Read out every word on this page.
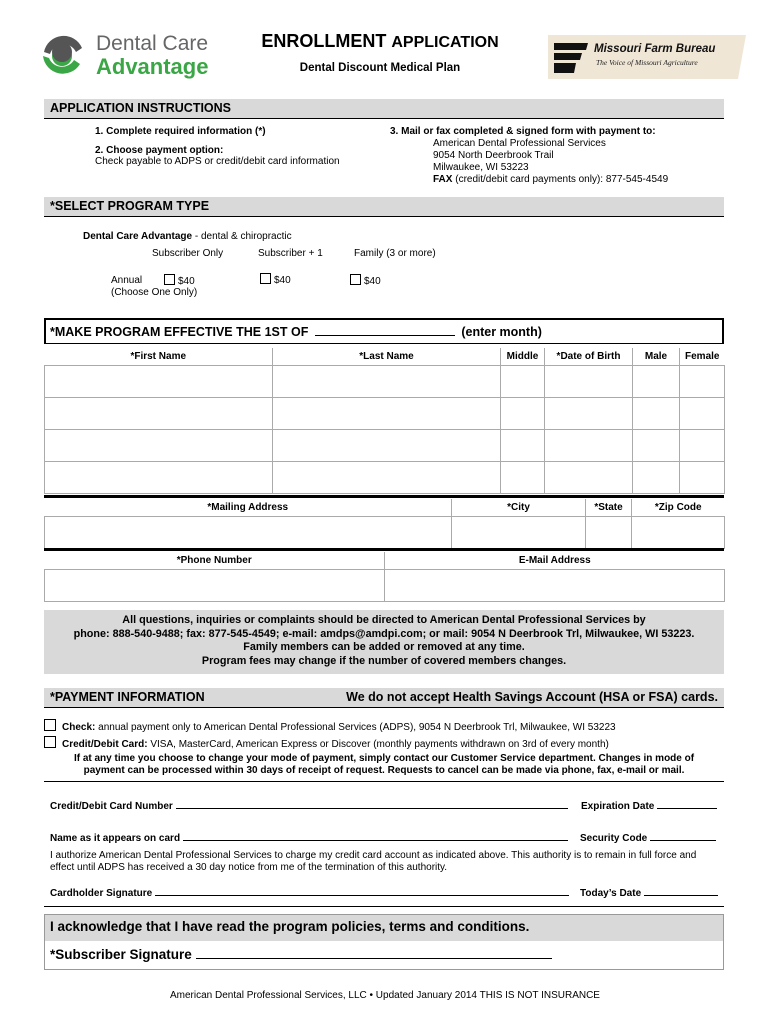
Dental Care
Advantage
ENROLLMENT APPLICATION
Dental Discount Medical Plan
Missouri Farm Bureau
The Voice of Missouri Agriculture
APPLICATION INSTRUCTIONS
1. Complete required information (*)
2. Choose payment option:
Check payable to ADPS or credit/debit card information
3. Mail or fax completed & signed form with payment to:
American Dental Professional Services
9054 North Deerbrook Trail
Milwaukee, WI 53223
FAX (credit/debit card payments only): 877-545-4549
*SELECT PROGRAM TYPE
Dental Care Advantage - dental & chiropractic
Subscriber Only	Subscriber + 1	Family (3 or more)
Annual
(Choose One Only)
$40	$40	$40
*MAKE PROGRAM EFFECTIVE THE 1ST OF	(enter month)
*First Name	*Last Name	Middle	*Date of Birth	Male	Female

*Mailing Address	*City	*State	*Zip Code

*Phone Number	E-Mail Address

All questions, inquiries or complaints should be directed to American Dental Professional Services by
phone: 888-540-9488; fax: 877-545-4549; e-mail: amdps@amdpi.com; or mail: 9054 N Deerbrook Trl, Milwaukee, WI 53223.
Family members can be added or removed at any time.
Program fees may change if the number of covered members changes.
*PAYMENT INFORMATION	We do not accept Health Savings Account (HSA or FSA) cards.
Check: annual payment only to American Dental Professional Services (ADPS), 9054 N Deerbrook Trl, Milwaukee, WI 53223
Credit/Debit Card: VISA, MasterCard, American Express or Discover (monthly payments withdrawn on 3rd of every month)
If at any time you choose to change your mode of payment, simply contact our Customer Service department. Changes in mode of
payment can be processed within 30 days of receipt of request. Requests to cancel can be made via phone, fax, e-mail or mail.
Credit/Debit Card Number	Expiration Date
Name as it appears on card	Security Code
I authorize American Dental Professional Services to charge my credit card account as indicated above. This authority is to remain in full force and
effect until ADPS has received a 30 day notice from me of the termination of this authority.
Cardholder Signature	Today’s Date
I acknowledge that I have read the program policies, terms and conditions.
*Subscriber Signature
American Dental Professional Services, LLC • Updated January 2014 THIS IS NOT INSURANCE
